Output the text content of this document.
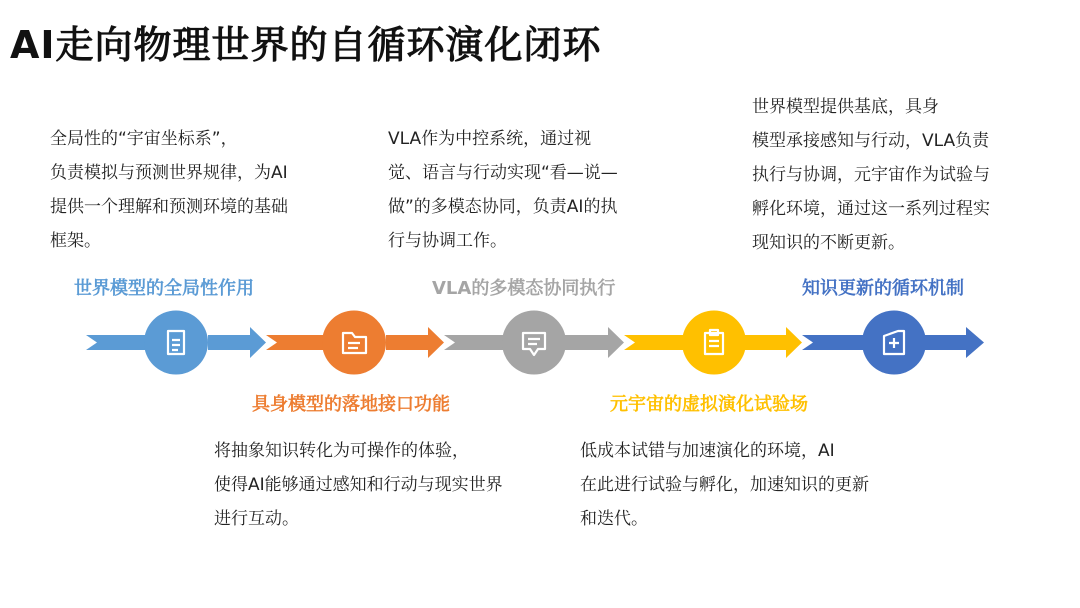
AI走向物理世界的自循环演化闭环
全局性的“宇宙坐标系”，
负责模拟与预测世界规律，为AI
提供一个理解和预测环境的基础
框架。
VLA作为中控系统，通过视
觉、语言与行动实现“看—说—
做”的多模态协同，负责AI的执
行与协调工作。
世界模型提供基底，具身
模型承接感知与行动，VLA负责
执行与协调，元宇宙作为试验与
孵化环境，通过这一系列过程实
现知识的不断更新。
将抽象知识转化为可操作的体验，
使得AI能够通过感知和行动与现实世界
进行互动。
低成本试错与加速演化的环境，AI
在此进行试验与孵化，加速知识的更新
和迭代。
世界模型的全局性作用	VLA的多模态协同执行	知识更新的循环机制
具身模型的落地接口功能	元宇宙的虚拟演化试验场
